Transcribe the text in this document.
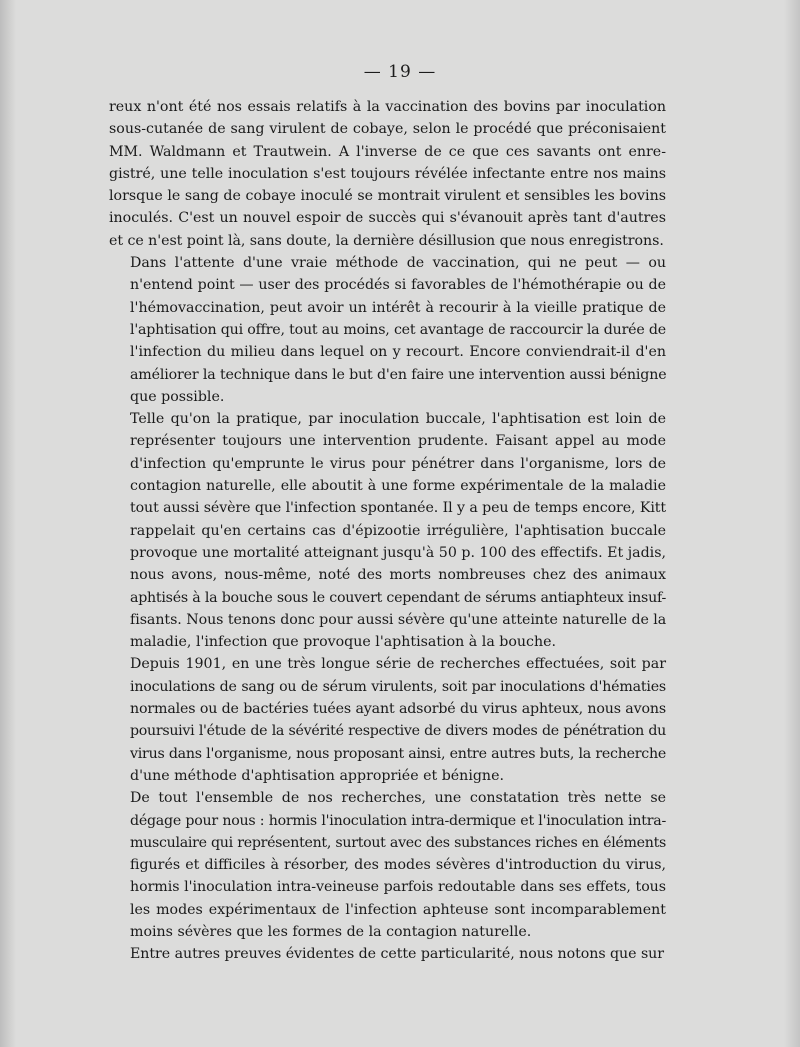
— 19 —
reux n'ont été nos essais relatifs à la vaccination des bovins par inoculation
sous-cutanée de sang virulent de cobaye, selon le procédé que préconisaient
MM. Waldmann et Trautwein. A l'inverse de ce que ces savants ont enre-
gistré, une telle inoculation s'est toujours révélée infectante entre nos mains
lorsque le sang de cobaye inoculé se montrait virulent et sensibles les bovins
inoculés. C'est un nouvel espoir de succès qui s'évanouit après tant d'autres
et ce n'est point là, sans doute, la dernière désillusion que nous enregistrons.
Dans l'attente d'une vraie méthode de vaccination, qui ne peut — ou
n'entend point — user des procédés si favorables de l'hémothérapie ou de
l'hémovaccination, peut avoir un intérêt à recourir à la vieille pratique de
l'aphtisation qui offre, tout au moins, cet avantage de raccourcir la durée de
l'infection du milieu dans lequel on y recourt. Encore conviendrait-il d'en
améliorer la technique dans le but d'en faire une intervention aussi bénigne
que possible.
Telle qu'on la pratique, par inoculation buccale, l'aphtisation est loin de
représenter toujours une intervention prudente. Faisant appel au mode
d'infection qu'emprunte le virus pour pénétrer dans l'organisme, lors de
contagion naturelle, elle aboutit à une forme expérimentale de la maladie
tout aussi sévère que l'infection spontanée. Il y a peu de temps encore, Kitt
rappelait qu'en certains cas d'épizootie irrégulière, l'aphtisation buccale
provoque une mortalité atteignant jusqu'à 50 p. 100 des effectifs. Et jadis,
nous avons, nous-même, noté des morts nombreuses chez des animaux
aphtisés à la bouche sous le couvert cependant de sérums antiaphteux insuf-
fisants. Nous tenons donc pour aussi sévère qu'une atteinte naturelle de la
maladie, l'infection que provoque l'aphtisation à la bouche.
Depuis 1901, en une très longue série de recherches effectuées, soit par
inoculations de sang ou de sérum virulents, soit par inoculations d'hématies
normales ou de bactéries tuées ayant adsorbé du virus aphteux, nous avons
poursuivi l'étude de la sévérité respective de divers modes de pénétration du
virus dans l'organisme, nous proposant ainsi, entre autres buts, la recherche
d'une méthode d'aphtisation appropriée et bénigne.
De tout l'ensemble de nos recherches, une constatation très nette se
dégage pour nous : hormis l'inoculation intra-dermique et l'inoculation intra-
musculaire qui représentent, surtout avec des substances riches en éléments
figurés et difficiles à résorber, des modes sévères d'introduction du virus,
hormis l'inoculation intra-veineuse parfois redoutable dans ses effets, tous
les modes expérimentaux de l'infection aphteuse sont incomparablement
moins sévères que les formes de la contagion naturelle.
Entre autres preuves évidentes de cette particularité, nous notons que sur
